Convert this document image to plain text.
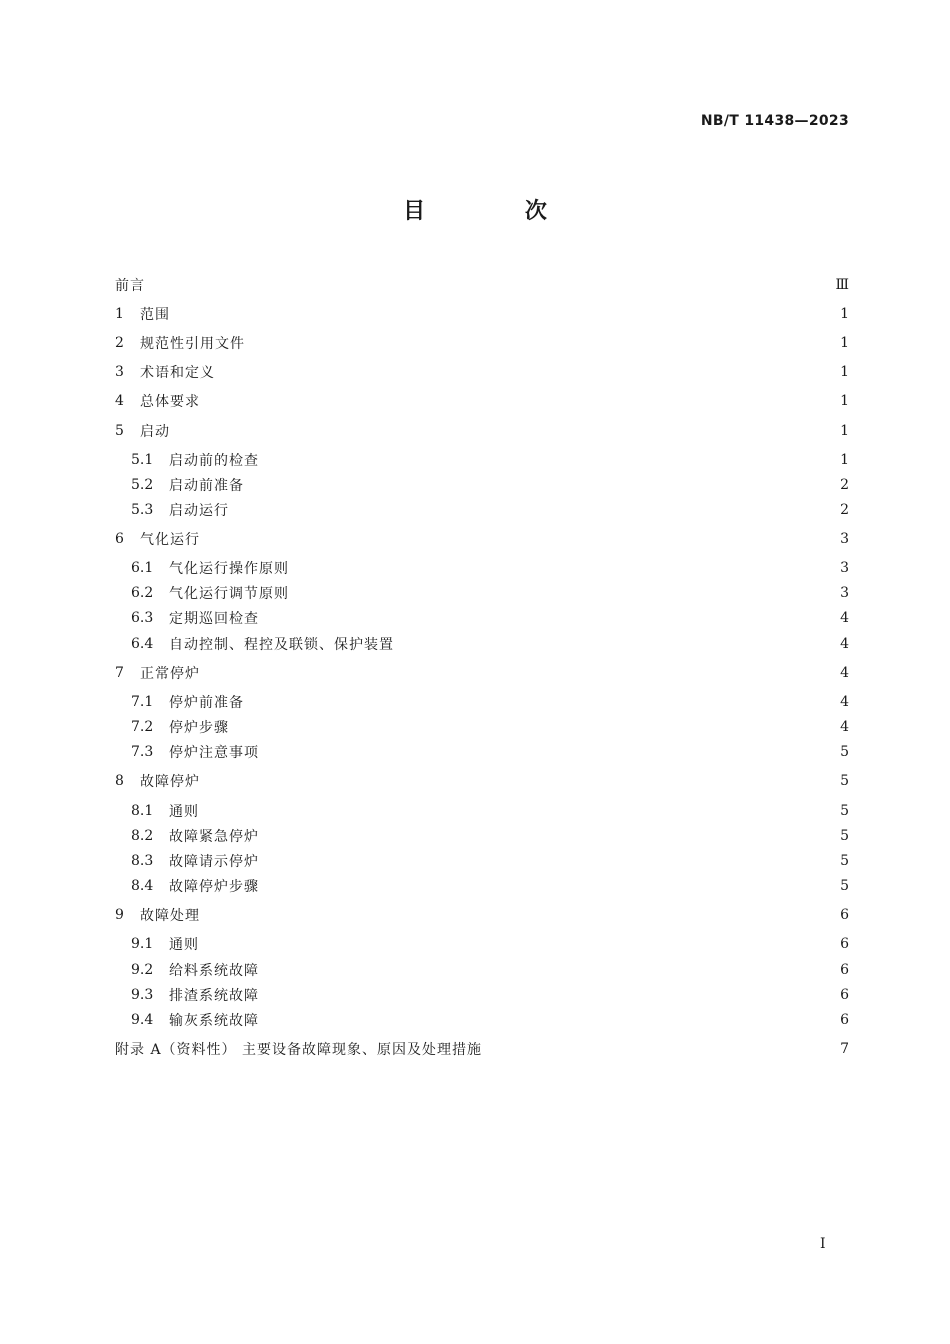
NB/T 11438—2023
目 次
前言	Ⅲ
1	范围	1
2	规范性引用文件	1
3	术语和定义	1
4	总体要求	1
5	启动	1
5.1	启动前的检查	1
5.2	启动前准备	2
5.3	启动运行	2
6	气化运行	3
6.1	气化运行操作原则	3
6.2	气化运行调节原则	3
6.3	定期巡回检查	4
6.4	自动控制、程控及联锁、保护装置	4
7	正常停炉	4
7.1	停炉前准备	4
7.2	停炉步骤	4
7.3	停炉注意事项	5
8	故障停炉	5
8.1	通则	5
8.2	故障紧急停炉	5
8.3	故障请示停炉	5
8.4	故障停炉步骤	5
9	故障处理	6
9.1	通则	6
9.2	给料系统故障	6
9.3	排渣系统故障	6
9.4	输灰系统故障	6
附录 A（资料性） 主要设备故障现象、原因及处理措施	7
I
